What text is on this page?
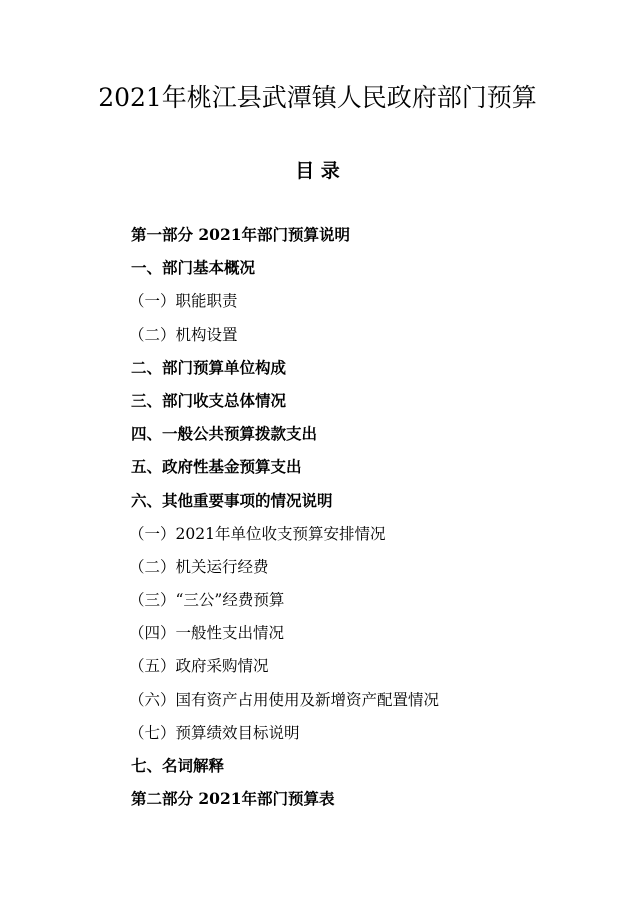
2021年桃江县武潭镇人民政府部门预算
目 录
第一部分 2021年部门预算说明
一、部门基本概况
（一）职能职责
（二）机构设置
二、部门预算单位构成
三、部门收支总体情况
四、一般公共预算拨款支出
五、政府性基金预算支出
六、其他重要事项的情况说明
（一）2021年单位收支预算安排情况
（二）机关运行经费
（三）“三公”经费预算
（四）一般性支出情况
（五）政府采购情况
（六）国有资产占用使用及新增资产配置情况
（七）预算绩效目标说明
七、名词解释
第二部分 2021年部门预算表
